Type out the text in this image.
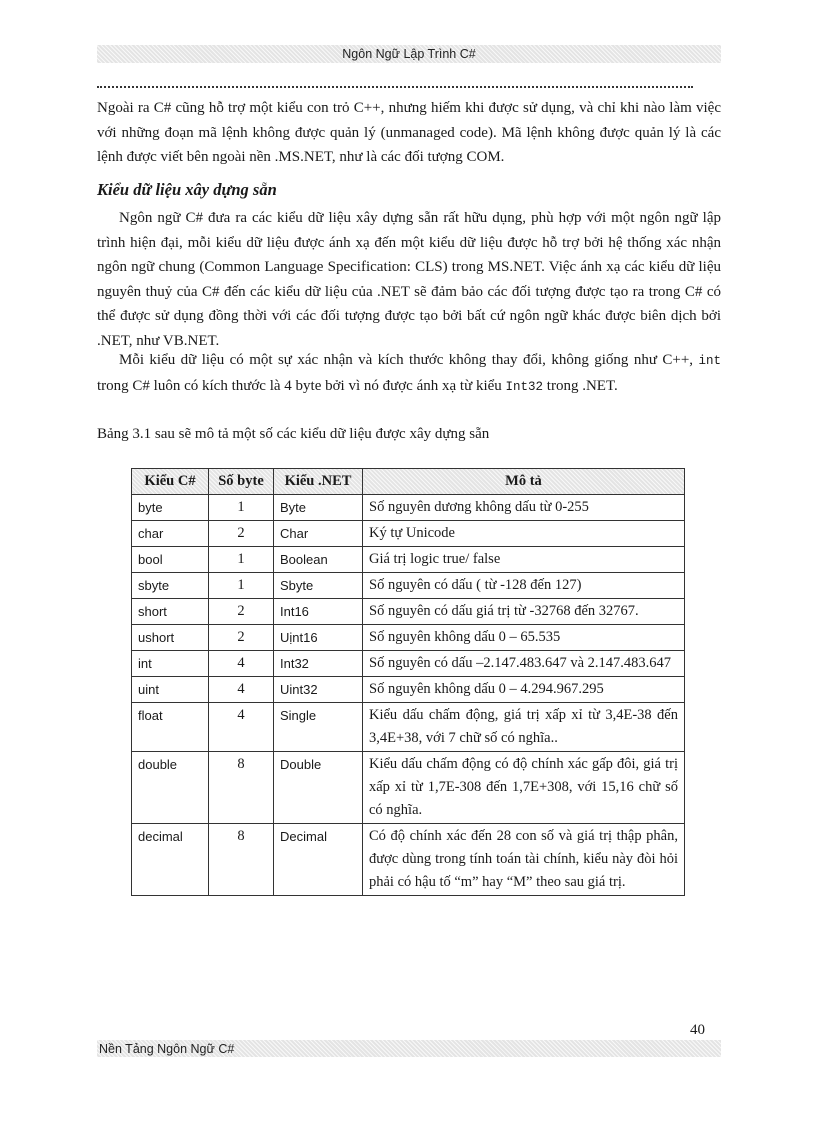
Ngôn Ngữ Lập Trình C#

Ngoài ra C# cũng hỗ trợ một kiểu con trỏ C++, nhưng hiếm khi được sử dụng, và chỉ khi nào làm việc với những đoạn mã lệnh không được quản lý (unmanaged code). Mã lệnh không được quản lý là các lệnh được viết bên ngoài nền .MS.NET, như là các đối tượng COM.

Kiểu dữ liệu xây dựng sẵn

Ngôn ngữ C# đưa ra các kiểu dữ liệu xây dựng sẵn rất hữu dụng, phù hợp với một ngôn ngữ lập trình hiện đại, mỗi kiểu dữ liệu được ánh xạ đến một kiểu dữ liệu được hỗ trợ bởi hệ thống xác nhận ngôn ngữ chung (Common Language Specification: CLS) trong MS.NET. Việc ánh xạ các kiểu dữ liệu nguyên thuỷ của C# đến các kiểu dữ liệu của .NET sẽ đảm bảo các đối tượng được tạo ra trong C# có thể được sử dụng đồng thời với các đối tượng được tạo bởi bất cứ ngôn ngữ khác được biên dịch bởi .NET, như VB.NET.

Mỗi kiểu dữ liệu có một sự xác nhận và kích thước không thay đổi, không giống như C++, int trong C# luôn có kích thước là 4 byte bởi vì nó được ánh xạ từ kiểu Int32 trong .NET.

Bảng 3.1 sau sẽ mô tả một số các kiểu dữ liệu được xây dựng sẵn

Kiểu C#	Số byte	Kiểu .NET	Mô tả
byte	1	Byte	Số nguyên dương không dấu từ 0-255
char	2	Char	Ký tự Unicode
bool	1	Boolean	Giá trị logic true/ false
sbyte	1	Sbyte	Số nguyên có dấu ( từ -128 đến 127)
short	2	Int16	Số nguyên có dấu giá trị từ -32768 đến 32767.
ushort	2	Uịnt16	Số nguyên không dấu 0 – 65.535
int	4	Int32	Số nguyên có dấu –2.147.483.647 và 2.147.483.647
uint	4	Uint32	Số nguyên không dấu 0 – 4.294.967.295
float	4	Single	Kiểu dấu chấm động, giá trị xấp xỉ từ 3,4E-38 đến 3,4E+38, với 7 chữ số có nghĩa..
double	8	Double	Kiểu dấu chấm động có độ chính xác gấp đôi, giá trị xấp xỉ từ 1,7E-308 đến 1,7E+308, với 15,16 chữ số có nghĩa.
decimal	8	Decimal	Có độ chính xác đến 28 con số và giá trị thập phân, được dùng trong tính toán tài chính, kiểu này đòi hỏi phải có hậu tố “m” hay “M” theo sau giá trị.
40
Nền Tảng Ngôn Ngữ C#
